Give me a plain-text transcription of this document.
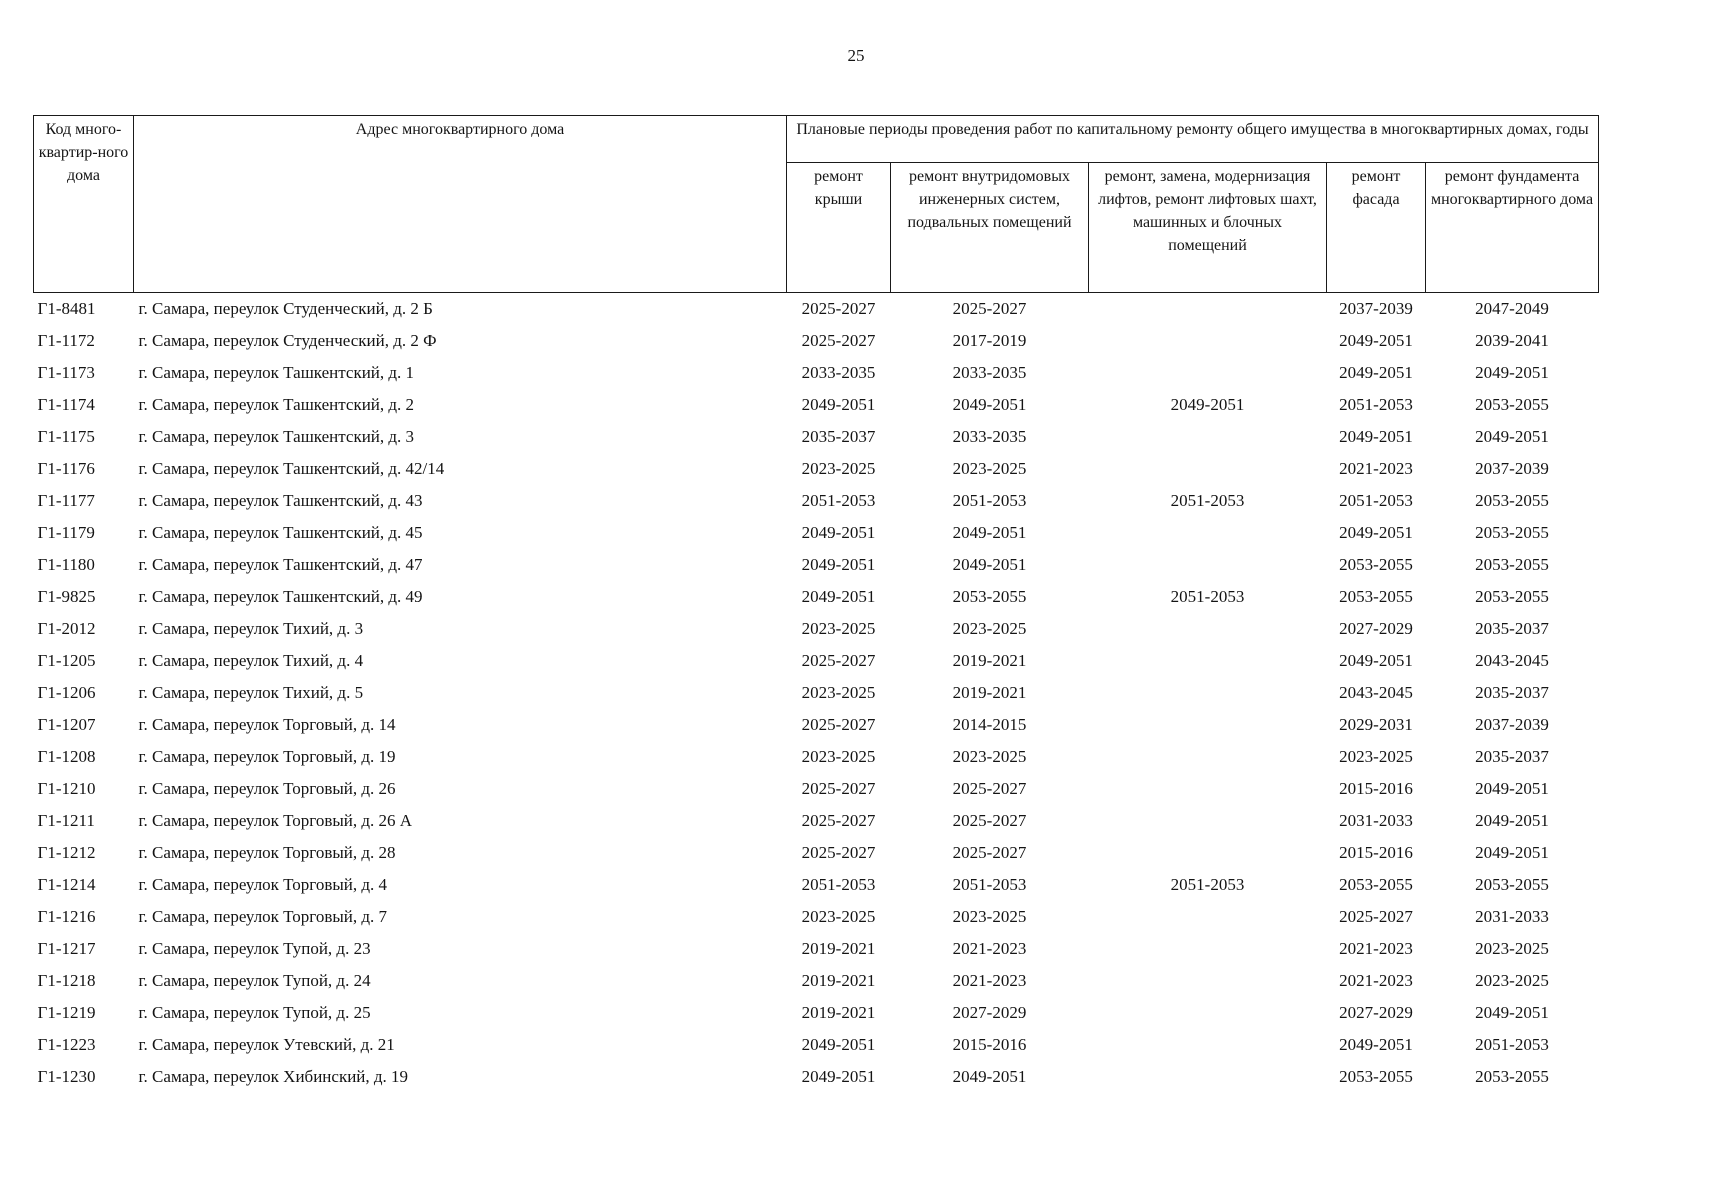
25
Код много-квартир-ного дома	Адрес многоквартирного дома	Плановые периоды проведения работ по капитальному ремонту общего имущества в многоквартирных домах, годы				
		ремонт крыши	ремонт внутридомовых инженерных систем, подвальных помещений	ремонт, замена, модернизация лифтов, ремонт лифтовых шахт, машинных и блочных помещений	ремонт фасада	ремонт фундамента многоквартирного дома
Г1-8481	г. Самара, переулок Студенческий, д. 2 Б	2025-2027	2025-2027		2037-2039	2047-2049
Г1-1172	г. Самара, переулок Студенческий, д. 2 Ф	2025-2027	2017-2019		2049-2051	2039-2041
Г1-1173	г. Самара, переулок Ташкентский, д. 1	2033-2035	2033-2035		2049-2051	2049-2051
Г1-1174	г. Самара, переулок Ташкентский, д. 2	2049-2051	2049-2051	2049-2051	2051-2053	2053-2055
Г1-1175	г. Самара, переулок Ташкентский, д. 3	2035-2037	2033-2035		2049-2051	2049-2051
Г1-1176	г. Самара, переулок Ташкентский, д. 42/14	2023-2025	2023-2025		2021-2023	2037-2039
Г1-1177	г. Самара, переулок Ташкентский, д. 43	2051-2053	2051-2053	2051-2053	2051-2053	2053-2055
Г1-1179	г. Самара, переулок Ташкентский, д. 45	2049-2051	2049-2051		2049-2051	2053-2055
Г1-1180	г. Самара, переулок Ташкентский, д. 47	2049-2051	2049-2051		2053-2055	2053-2055
Г1-9825	г. Самара, переулок Ташкентский, д. 49	2049-2051	2053-2055	2051-2053	2053-2055	2053-2055
Г1-2012	г. Самара, переулок Тихий, д. 3	2023-2025	2023-2025		2027-2029	2035-2037
Г1-1205	г. Самара, переулок Тихий, д. 4	2025-2027	2019-2021		2049-2051	2043-2045
Г1-1206	г. Самара, переулок Тихий, д. 5	2023-2025	2019-2021		2043-2045	2035-2037
Г1-1207	г. Самара, переулок Торговый, д. 14	2025-2027	2014-2015		2029-2031	2037-2039
Г1-1208	г. Самара, переулок Торговый, д. 19	2023-2025	2023-2025		2023-2025	2035-2037
Г1-1210	г. Самара, переулок Торговый, д. 26	2025-2027	2025-2027		2015-2016	2049-2051
Г1-1211	г. Самара, переулок Торговый, д. 26 А	2025-2027	2025-2027		2031-2033	2049-2051
Г1-1212	г. Самара, переулок Торговый, д. 28	2025-2027	2025-2027		2015-2016	2049-2051
Г1-1214	г. Самара, переулок Торговый, д. 4	2051-2053	2051-2053	2051-2053	2053-2055	2053-2055
Г1-1216	г. Самара, переулок Торговый, д. 7	2023-2025	2023-2025		2025-2027	2031-2033
Г1-1217	г. Самара, переулок Тупой, д. 23	2019-2021	2021-2023		2021-2023	2023-2025
Г1-1218	г. Самара, переулок Тупой, д. 24	2019-2021	2021-2023		2021-2023	2023-2025
Г1-1219	г. Самара, переулок Тупой, д. 25	2019-2021	2027-2029		2027-2029	2049-2051
Г1-1223	г. Самара, переулок Утевский, д. 21	2049-2051	2015-2016		2049-2051	2051-2053
Г1-1230	г. Самара, переулок Хибинский, д. 19	2049-2051	2049-2051		2053-2055	2053-2055
